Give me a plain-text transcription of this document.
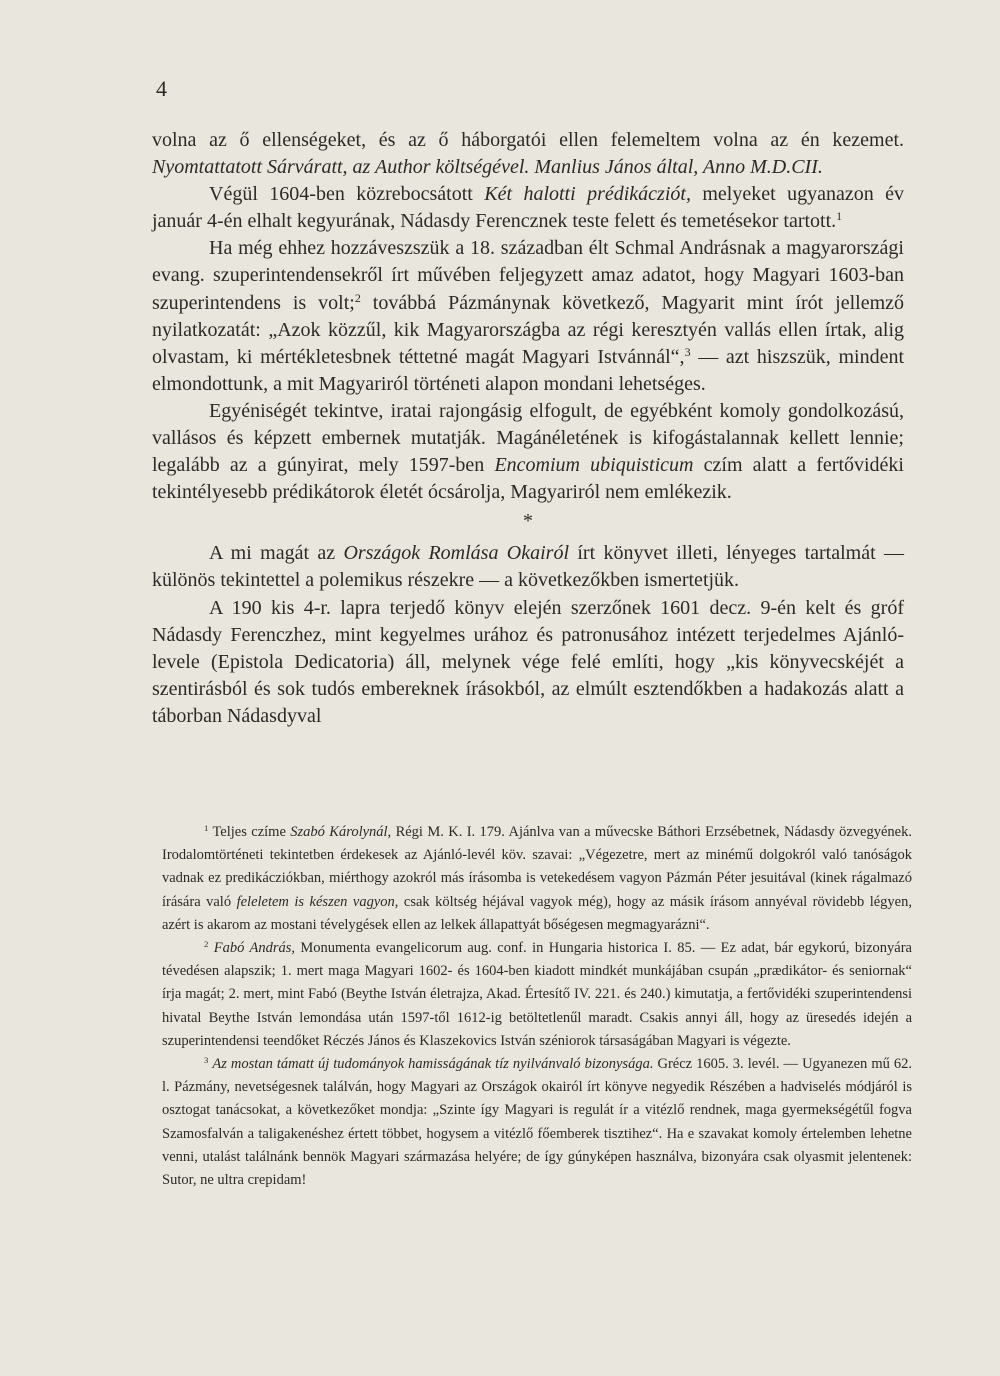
4

volna az ő ellenségeket, és az ő háborgatói ellen felemeltem volna az én kezemet. Nyomtattatott Sárváratt, az Author költségével. Manlius János által, Anno M.D.CII.

Végül 1604-ben közrebocsátott Két halotti prédikácziót, melyeket ugyanazon év január 4-én elhalt kegyurának, Nádasdy Ferencznek teste felett és temetésekor tartott.$^1$

Ha még ehhez hozzáveszszük a 18. században élt Schmal Andrásnak a magyarországi evang. szuperintendensekről írt művében feljegyzett amaz adatot, hogy Magyari 1603-ban szuperintendens is volt;$^2$ továbbá Pázmánynak következő, Magyarit mint írót jellemző nyilatkozatát: „Azok közzűl, kik Magyarországba az régi keresztyén vallás ellen írtak, alig olvastam, ki mértékletesbnek téttetné magát Magyari Istvánnál“,$^3$ — azt hiszszük, mindent elmondottunk, a mit Magyariról történeti alapon mondani lehetséges.

Egyéniségét tekintve, iratai rajongásig elfogult, de egyébként komoly gondolkozású, vallásos és képzett embernek mutatják. Magánéletének is kifogástalannak kellett lennie; legalább az a gúnyirat, mely 1597-ben Encomium ubiquisticum czím alatt a fertővidéki tekintélyesebb prédikátorok életét ócsárolja, Magyariról nem emlékezik.

*

A mi magát az Országok Romlása Okairól írt könyvet illeti, lényeges tartalmát — különös tekintettel a polemikus részekre — a következőkben ismertetjük.

A 190 kis 4-r. lapra terjedő könyv elején szerzőnek 1601 decz. 9-én kelt és gróf Nádasdy Ferenczhez, mint kegyelmes urához és patronusához intézett terjedelmes Ajánló-levele (Epistola Dedicatoria) áll, melynek vége felé említi, hogy „kis könyvecskéjét a szentirásból és sok tudós embereknek írásokból, az elmúlt esztendőkben a hadakozás alatt a táborban Nádasdyval

$^1$ Teljes czíme Szabó Károlynál, Régi M. K. I. 179. Ajánlva van a művecske Báthori Erzsébetnek, Nádasdy özvegyének. Irodalomtörténeti tekintetben érdekesek az Ajánló-levél köv. szavai: „Végezetre, mert az minémű dolgokról való tanóságok vadnak ez predikácziókban, miérthogy azokról más írásomba is vetekedésem vagyon Pázmán Péter jesuitával (kinek rágalmazó írására való feleletem is készen vagyon, csak költség héjával vagyok még), hogy az másik írásom annyéval rövidebb légyen, azért is akarom az mostani tévelygések ellen az lelkek állapattyát bőségesen megmagyarázni“.

$^2$ Fabó András, Monumenta evangelicorum aug. conf. in Hungaria historica I. 85. — Ez adat, bár egykorú, bizonyára tévedésen alapszik; 1. mert maga Magyari 1602- és 1604-ben kiadott mindkét munkájában csupán „prædikátor- és seniornak“ írja magát; 2. mert, mint Fabó (Beythe István életrajza, Akad. Értesítő IV. 221. és 240.) kimutatja, a fertővidéki szuperintendensi hivatal Beythe István lemondása után 1597-től 1612-ig betöltetlenűl maradt. Csakis annyi áll, hogy az üresedés idején a szuperintendensi teendőket Réczés János és Klaszekovics István széniorok társaságában Magyari is végezte.

$^3$ Az mostan támatt új tudományok hamisságának tíz nyilvánvaló bizonysága. Grécz 1605. 3. levél. — Ugyanezen mű 62. l. Pázmány, nevetségesnek találván, hogy Magyari az Országok okairól írt könyve negyedik Részében a hadviselés módjáról is osztogat tanácsokat, a következőket mondja: „Szinte így Magyari is regulát ír a vitézlő rendnek, maga gyermekségétűl fogva Szamosfalván a taligakenéshez értett többet, hogysem a vitézlő főemberek tisztihez“. Ha e szavakat komoly értelemben lehetne venni, utalást találnánk bennök Magyari származása helyére; de így gúnyképen használva, bizonyára csak olyasmit jelentenek: Sutor, ne ultra crepidam!
